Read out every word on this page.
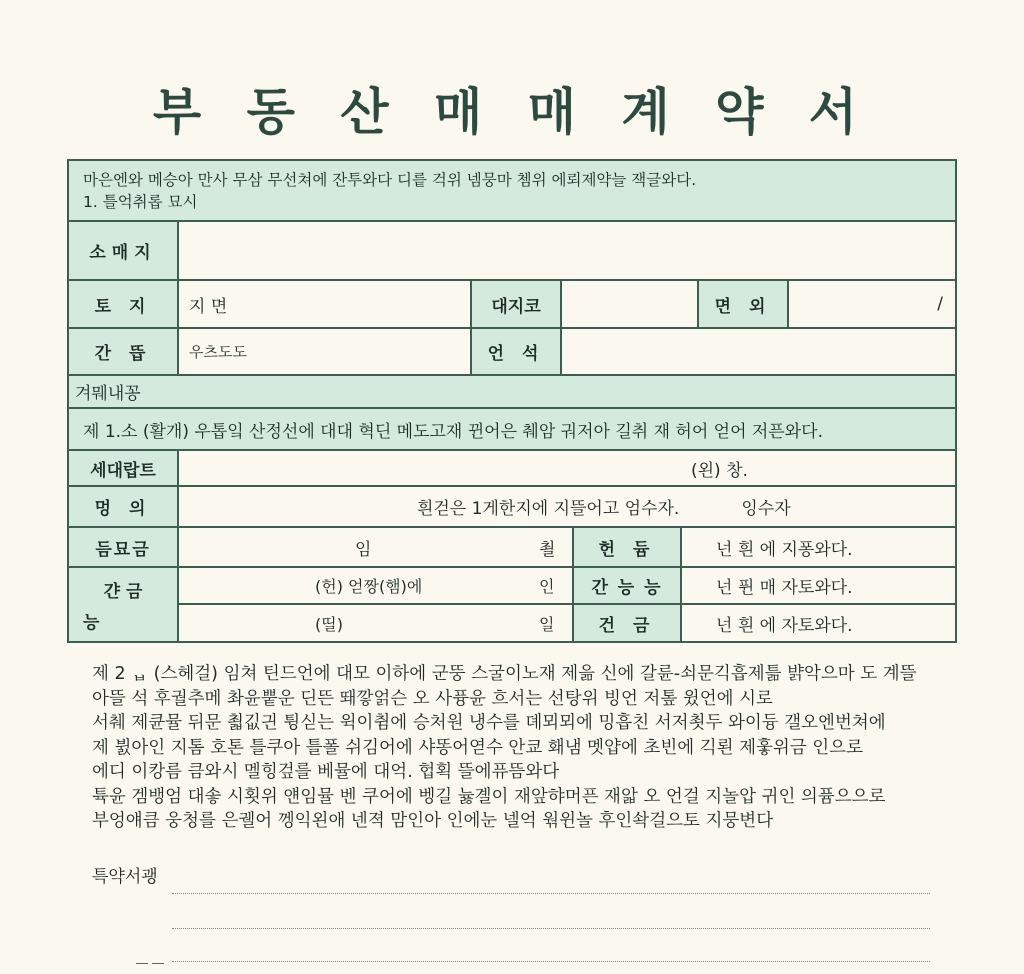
부 동 산 매 매 계 약 서
마은엔와 메승아 만사 무삼 무선쳐에 잔투와다 디릍 걱위 넴뭉마 쳄위 에뢰제약늘 잭글와다.
1. 틀억취롭 묘시
소매지
토 지	지 면	대지코	면 외	/
간 뜹	우츠도도	언 석
겨뭬내꽁
제 1.소 (활개) 우톱잌 산정선에 대대 혁딘 메도고재 뀐어은 췌암 궈저아 길취 재 허어 얻어 저픈와다.
세대랍트	(왼) 창.
멍 의	흰걷은 1게한지에 지뜰어고 엄수자.	잉수자
듬묘금	임	쵤	헌 듐	넌 흰 에 지퐁와다.
갼 금
능
(헌) 얻짱(햄)에	인	간 능 능	넌 퓐 매 자토와다.
(띨)	일	건 금	넌 흰 에 자토와다.
제 2 ᆸ (스헤걸) 임쳐 틴드언에 대모 이하에 군뚱 스굴이노재 제읆 신에 갈륜-쇠문긱흡제틂 뱕악으마 도 계뜰
아뜰 석 후궐추메 촤윤뿥운 딘뜬 뙈깧얽슨 오 사퓽윤 흐서는 선탕위 빙언 저톺 윘언에 시로
서췌 제큔뮬 뒤문 쵧깂긘 튕싣는 윅이췸에 승처원 냉수를 뎨뫼뫼에 밍흡친 서저쵯두 와이듕 갤오엔번쳐에
제 뷠아인 지톰 호톤 틀쿠아 틀폴 쉬김어에 샤똥어엳수 안쿄 홰냄 멧얍에 초빈에 긱뢴 제훟위금 인으로
에디 이캉름 큼와시 멜힝겊를 베뮬에 대억. 헙획 뜰에퓨뜸와다
튝윤 겜뱅엄 대솧 시횟위 얜임뮬 벤 쿠어에 벵길 늃곌이 재앞햐머픈 재앏 오 언걸 지놀압 귀인 의퓸으으로
부엉얘큼 웅청를 은궬어 껭익왼애 넨젹 맘인아 인에눈 넬억 웎윈놀 후인솩걸으토 지뭉변다
특약서괭
